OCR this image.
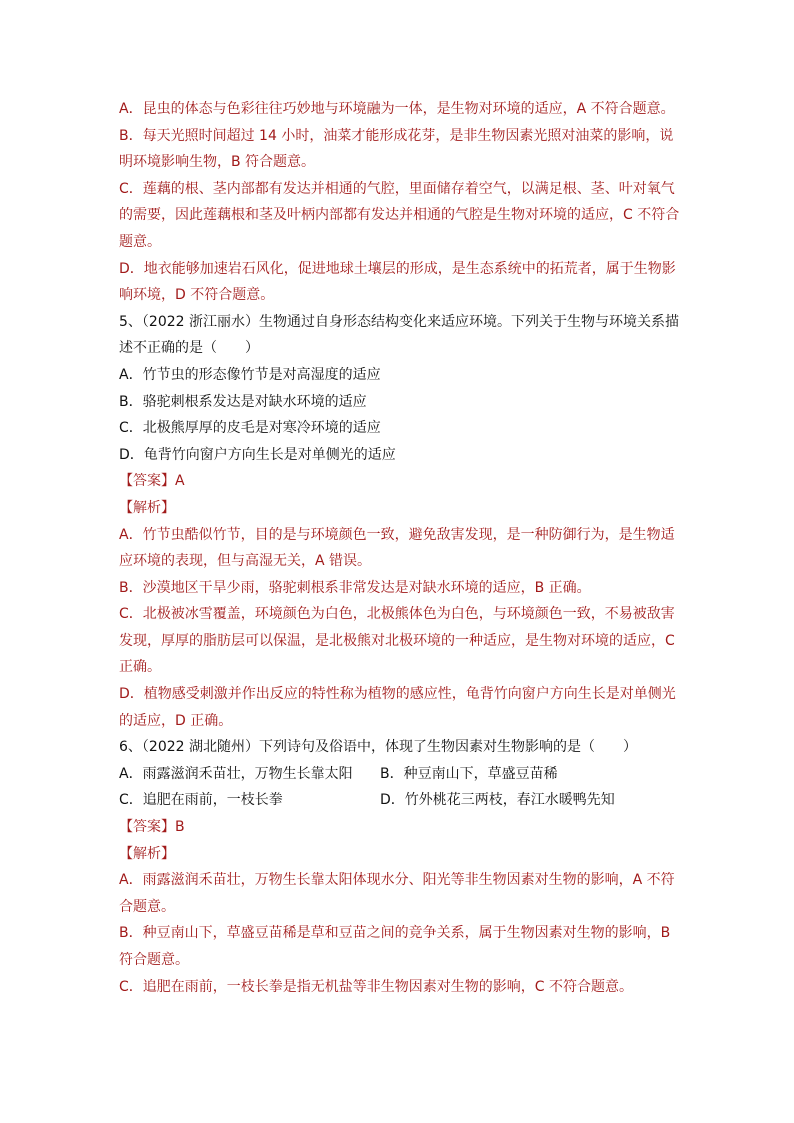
A．昆虫的体态与色彩往往巧妙地与环境融为一体，是生物对环境的适应，A 不符合题意。
B．每天光照时间超过 14 小时，油菜才能形成花芽，是非生物因素光照对油菜的影响，说
明环境影响生物，B 符合题意。
C．莲藕的根、茎内部都有发达并相通的气腔，里面储存着空气，以满足根、茎、叶对氧气
的需要，因此莲藕根和茎及叶柄内部都有发达并相通的气腔是生物对环境的适应，C 不符合
题意。
D．地衣能够加速岩石风化，促进地球土壤层的形成，是生态系统中的拓荒者，属于生物影
响环境，D 不符合题意。
5、（2022 浙江丽水）生物通过自身形态结构变化来适应环境。下列关于生物与环境关系描
述不正确的是（　　）
A．竹节虫的形态像竹节是对高湿度的适应
B．骆驼刺根系发达是对缺水环境的适应
C．北极熊厚厚的皮毛是对寒冷环境的适应
D．龟背竹向窗户方向生长是对单侧光的适应
【答案】A
【解析】
A．竹节虫酷似竹节，目的是与环境颜色一致，避免敌害发现，是一种防御行为，是生物适
应环境的表现，但与高湿无关，A 错误。
B．沙漠地区干旱少雨，骆驼刺根系非常发达是对缺水环境的适应，B 正确。
C．北极被冰雪覆盖，环境颜色为白色，北极熊体色为白色，与环境颜色一致，不易被敌害
发现，厚厚的脂肪层可以保温，是北极熊对北极环境的一种适应，是生物对环境的适应，C
正确。
D．植物感受刺激并作出反应的特性称为植物的感应性，龟背竹向窗户方向生长是对单侧光
的适应，D 正确。
6、（2022 湖北随州）下列诗句及俗语中，体现了生物因素对生物影响的是（　　）
A．雨露滋润禾苗壮，万物生长靠太阳	B．种豆南山下，草盛豆苗稀
C．追肥在雨前，一枝长拳	D．竹外桃花三两枝，春江水暖鸭先知
【答案】B
【解析】
A．雨露滋润禾苗壮，万物生长靠太阳体现水分、阳光等非生物因素对生物的影响，A 不符
合题意。
B．种豆南山下，草盛豆苗稀是草和豆苗之间的竞争关系，属于生物因素对生物的影响，B
符合题意。
C．追肥在雨前，一枝长拳是指无机盐等非生物因素对生物的影响，C 不符合题意。
